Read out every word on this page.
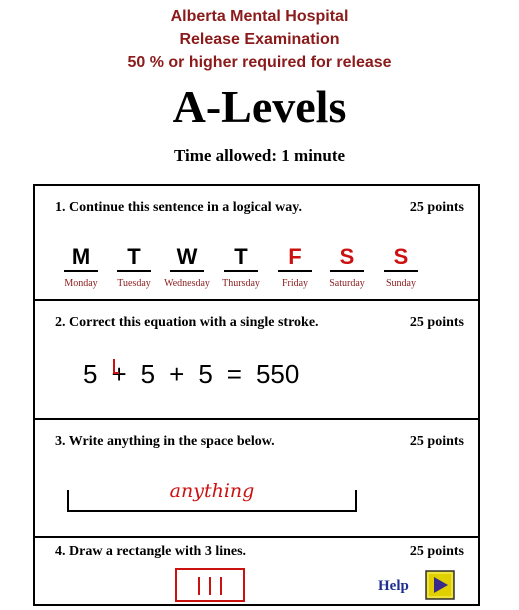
Alberta Mental Hospital
Release Examination
50 % or higher required for release
A-Levels
Time allowed: 1 minute
1. Continue this sentence in a logical way.	25 points
M
Monday
T
Tuesday
W
Wednesday
T
Thursday
F
Friday
S
Saturday
S
Sunday
2. Correct this equation with a single stroke.	25 points
5 + 5 + 5 = 550
3. Write anything in the space below.	25 points
anything
4. Draw a rectangle with 3 lines.	25 points
Help
